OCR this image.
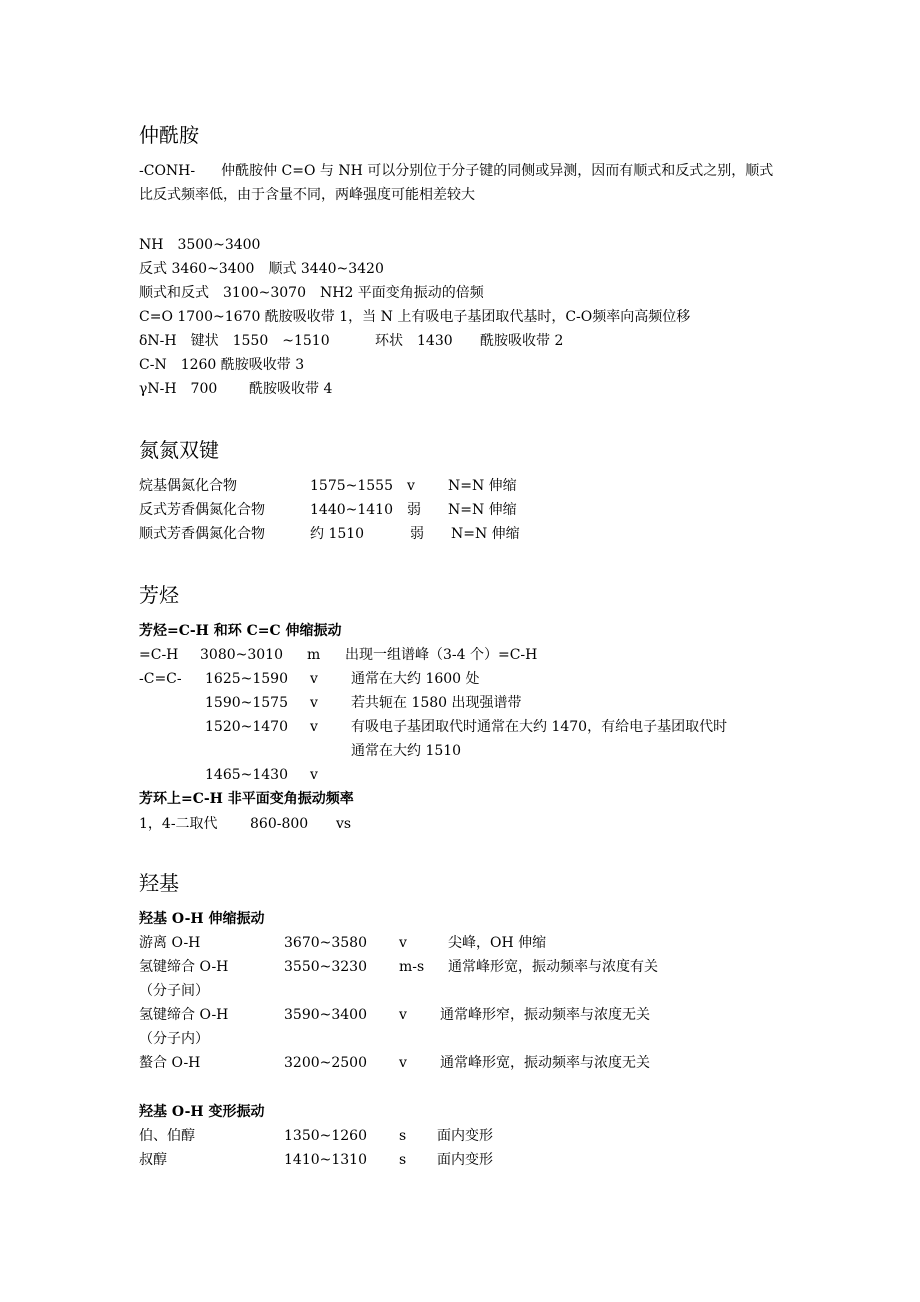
仲酰胺
-CONH- 仲酰胺仲 C=O 与 NH 可以分别位于分子键的同侧或异测，因而有顺式和反式之别，顺式比反式频率低，由于含量不同，两峰强度可能相差较大
NH　3500~3400
反式 3460~3400　顺式 3440~3420
顺式和反式　3100~3070　NH2 平面变角振动的倍频
C=O 1700~1670 酰胺吸收带 1，当 N 上有吸电子基团取代基时，C-O频率向高频位移
δN-H　键状　1550　~1510	环状　1430 酰胺吸收带 2
C-N　1260 酰胺吸收带 3
γN-H　700 酰胺吸收带 4
氮氮双键
烷基偶氮化合物	1575~1555 v N=N 伸缩
反式芳香偶氮化合物	1440~1410 弱 N=N 伸缩
顺式芳香偶氮化合物	约 1510	弱 N=N 伸缩
芳烃
芳烃=C-H 和环 C=C 伸缩振动
=C-H 3080~3010 m 出现一组谱峰（3-4 个）=C-H
-C=C- 1625~1590 v 通常在大约 1600 处
1590~1575 v 若共轭在 1580 出现强谱带
1520~1470 v 有吸电子基团取代时通常在大约 1470，有给电子基团取代时
通常在大约 1510
1465~1430 v
芳环上=C-H 非平面变角振动频率
1，4-二取代 860-800 vs
羟基
羟基 O-H 伸缩振动
游离 O-H	3670~3580 v	尖峰，OH 伸缩
氢键缔合 O-H	3550~3230 m-s 通常峰形宽，振动频率与浓度有关
（分子间）
氢键缔合 O-H	3590~3400 v 通常峰形窄，振动频率与浓度无关
（分子内）
螯合 O-H	3200~2500 v 通常峰形宽，振动频率与浓度无关
羟基 O-H 变形振动
伯、伯醇	1350~1260 s 面内变形
叔醇	1410~1310 s 面内变形
